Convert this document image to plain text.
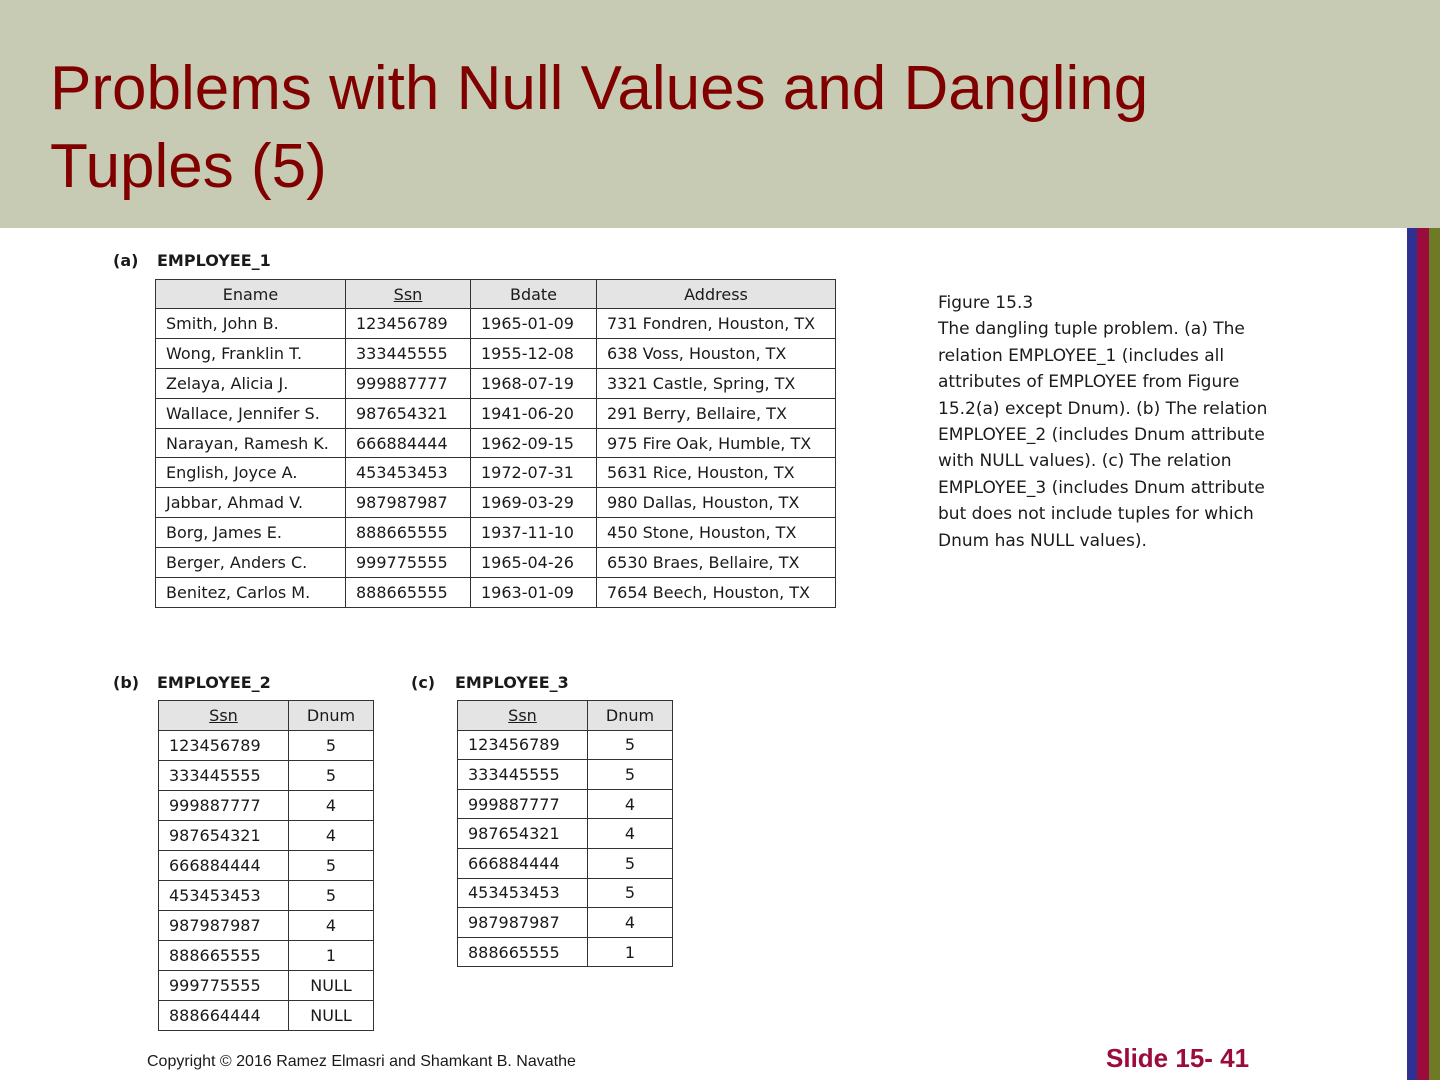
Problems with Null Values and Dangling Tuples (5)
(a) EMPLOYEE_1
Ename	Ssn	Bdate	Address
Smith, John B.	123456789	1965-01-09	731 Fondren, Houston, TX
Wong, Franklin T.	333445555	1955-12-08	638 Voss, Houston, TX
Zelaya, Alicia J.	999887777	1968-07-19	3321 Castle, Spring, TX
Wallace, Jennifer S.	987654321	1941-06-20	291 Berry, Bellaire, TX
Narayan, Ramesh K.	666884444	1962-09-15	975 Fire Oak, Humble, TX
English, Joyce A.	453453453	1972-07-31	5631 Rice, Houston, TX
Jabbar, Ahmad V.	987987987	1969-03-29	980 Dallas, Houston, TX
Borg, James E.	888665555	1937-11-10	450 Stone, Houston, TX
Berger, Anders C.	999775555	1965-04-26	6530 Braes, Bellaire, TX
Benitez, Carlos M.	888665555	1963-01-09	7654 Beech, Houston, TX
(b) EMPLOYEE_2
Ssn	Dnum
123456789	5
333445555	5
999887777	4
987654321	4
666884444	5
453453453	5
987987987	4
888665555	1
999775555	NULL
888664444	NULL
(c) EMPLOYEE_3
Ssn	Dnum
123456789	5
333445555	5
999887777	4
987654321	4
666884444	5
453453453	5
987987987	4
888665555	1
Figure 15.3
The dangling tuple problem. (a) The relation EMPLOYEE_1 (includes all attributes of EMPLOYEE from Figure 15.2(a) except Dnum). (b) The relation EMPLOYEE_2 (includes Dnum attribute with NULL values). (c) The relation EMPLOYEE_3 (includes Dnum attribute but does not include tuples for which Dnum has NULL values).
Copyright © 2016 Ramez Elmasri and Shamkant B. Navathe	Slide 15- 41
